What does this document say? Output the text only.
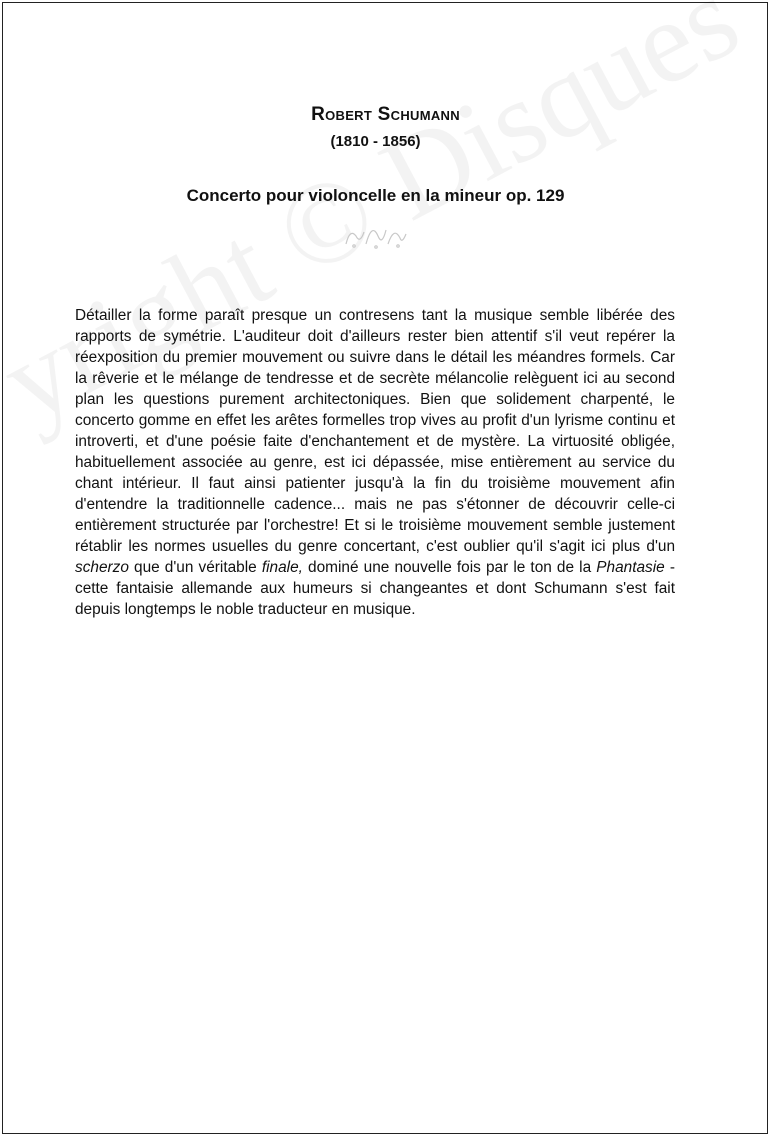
Robert Schumann
(1810 - 1856)
Concerto pour violoncelle en la mineur op. 129

Détailler la forme paraît presque un contresens tant la musique semble libérée des rapports de symétrie. L'auditeur doit d'ailleurs rester bien attentif s'il veut repérer la réexposition du premier mouvement ou suivre dans le détail les méandres formels. Car la rêverie et le mélange de tendresse et de secrète mélancolie relèguent ici au second plan les questions purement architectoniques. Bien que solidement charpenté, le concerto gomme en effet les arêtes formelles trop vives au profit d'un lyrisme continu et introverti, et d'une poésie faite d'enchantement et de mystère. La virtuosité obligée, habituellement associée au genre, est ici dépassée, mise entièrement au service du chant intérieur. Il faut ainsi patienter jusqu'à la fin du troisième mouvement afin d'entendre la traditionnelle cadence... mais ne pas s'étonner de découvrir celle-ci entièrement structurée par l'orchestre! Et si le troisième mouvement semble justement rétablir les normes usuelles du genre concertant, c'est oublier qu'il s'agit ici plus d'un scherzo que d'un véritable finale, dominé une nouvelle fois par le ton de la Phantasie - cette fantaisie allemande aux humeurs si changeantes et dont Schumann s'est fait depuis longtemps le noble traducteur en musique.
